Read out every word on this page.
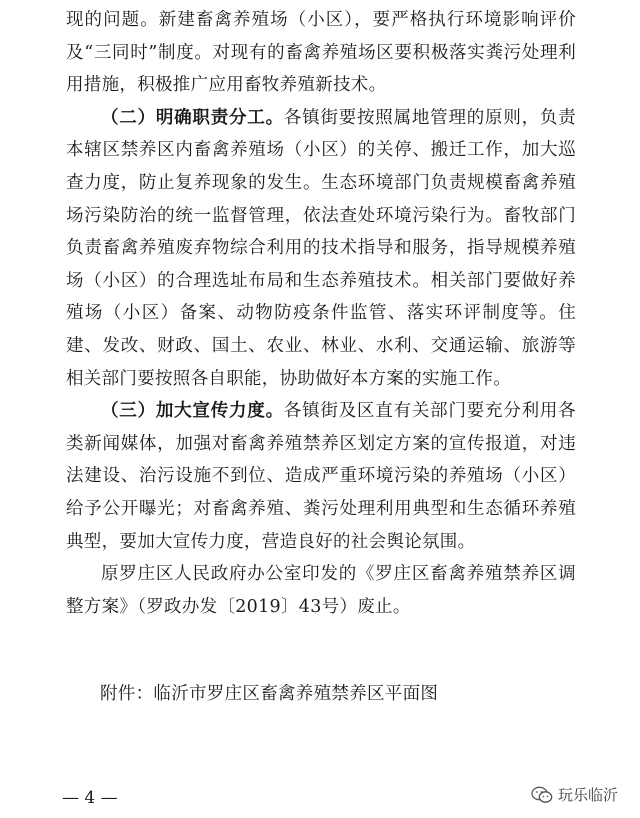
现的问题。新建畜禽养殖场（小区），要严格执行环境影响评价及“三同时”制度。对现有的畜禽养殖场区要积极落实粪污处理利用措施，积极推广应用畜牧养殖新技术。

（二）明确职责分工。各镇街要按照属地管理的原则，负责本辖区禁养区内畜禽养殖场（小区）的关停、搬迁工作，加大巡查力度，防止复养现象的发生。生态环境部门负责规模畜禽养殖场污染防治的统一监督管理，依法查处环境污染行为。畜牧部门负责畜禽养殖废弃物综合利用的技术指导和服务，指导规模养殖场（小区）的合理选址布局和生态养殖技术。相关部门要做好养殖场（小区）备案、动物防疫条件监管、落实环评制度等。住建、发改、财政、国土、农业、林业、水利、交通运输、旅游等相关部门要按照各自职能，协助做好本方案的实施工作。

（三）加大宣传力度。各镇街及区直有关部门要充分利用各类新闻媒体，加强对畜禽养殖禁养区划定方案的宣传报道，对违法建设、治污设施不到位、造成严重环境污染的养殖场（小区）给予公开曝光；对畜禽养殖、粪污处理利用典型和生态循环养殖典型，要加大宣传力度，营造良好的社会舆论氛围。

原罗庄区人民政府办公室印发的《罗庄区畜禽养殖禁养区调整方案》（罗政办发〔2019〕43号）废止。

附件：临沂市罗庄区畜禽养殖禁养区平面图

— 4 —	玩乐临沂
